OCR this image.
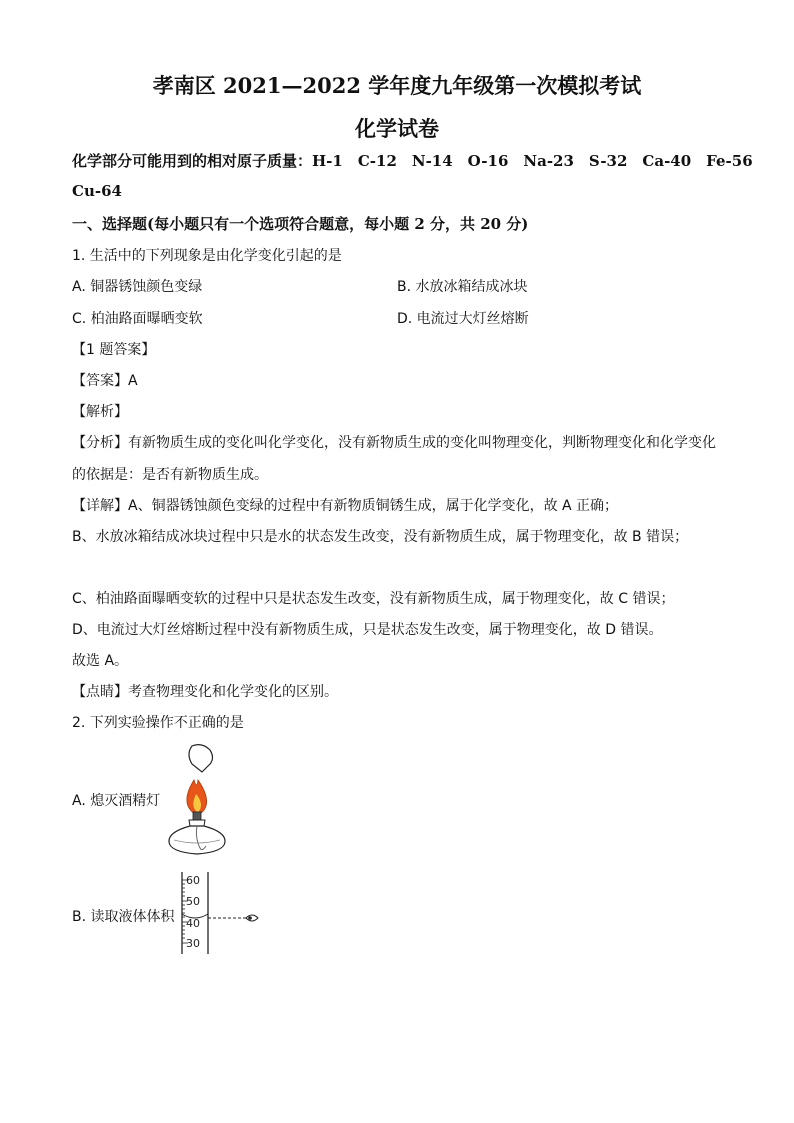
孝南区 2021—2022 学年度九年级第一次模拟考试
化学试卷
化学部分可能用到的相对原子质量：H-1　C-12　N-14　O-16　Na-23　S-32　Ca-40　Fe-56
Cu-64
一、选择题(每小题只有一个选项符合题意，每小题 2 分，共 20 分)
1. 生活中的下列现象是由化学变化引起的是
A. 铜器锈蚀颜色变绿	B. 水放冰箱结成冰块
C. 柏油路面曝晒变软	D. 电流过大灯丝熔断
【1 题答案】
【答案】A
【解析】
【分析】有新物质生成的变化叫化学变化，没有新物质生成的变化叫物理变化，判断物理变化和化学变化
的依据是：是否有新物质生成。
【详解】A、铜器锈蚀颜色变绿的过程中有新物质铜锈生成，属于化学变化，故 A 正确；
B、水放冰箱结成冰块过程中只是水的状态发生改变，没有新物质生成，属于物理变化，故 B 错误；
C、柏油路面曝晒变软的过程中只是状态发生改变，没有新物质生成，属于物理变化，故 C 错误；
D、电流过大灯丝熔断过程中没有新物质生成，只是状态发生改变，属于物理变化，故 D 错误。
故选 A。
【点睛】考查物理变化和化学变化的区别。
2. 下列实验操作不正确的是
A. 熄灭酒精灯
60
50
40
30
B. 读取液体体积
